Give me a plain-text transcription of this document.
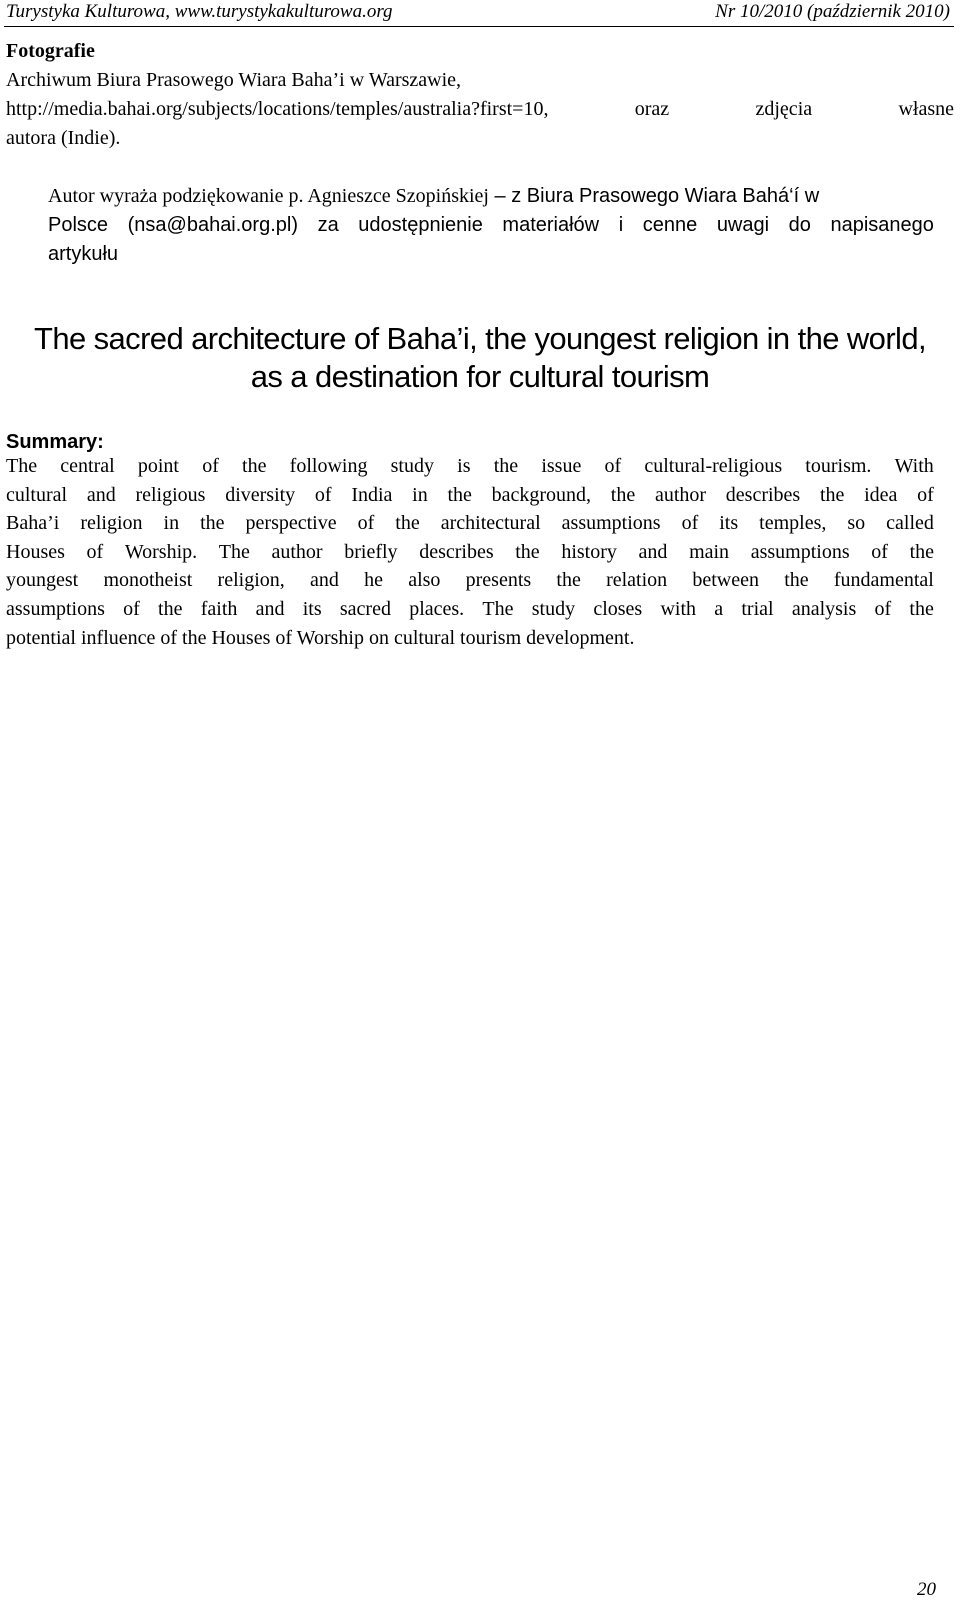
Turystyka Kulturowa, www.turystykakulturowa.org	Nr 10/2010 (październik 2010)
Fotografie
Archiwum Biura Prasowego Wiara Baha’i w Warszawie,
http://media.bahai.org/subjects/locations/temples/australia?first=10,	oraz	zdjęcia	własne
autora (Indie).
Autor wyraża podziękowanie p. Agnieszce Szopińskiej – z Biura Prasowego Wiara Bahá‘í w
Polsce (nsa@bahai.org.pl) za udostępnienie materiałów i cenne uwagi do napisanego
artykułu
The sacred architecture of Baha’i, the youngest religion in the world,
as a destination for cultural tourism
Summary:
The central point of the following study is the issue of cultural-religious tourism. With
cultural and religious diversity of India in the background, the author describes the idea of
Baha’i religion in the perspective of the architectural assumptions of its temples, so called
Houses of Worship. The author briefly describes the history and main assumptions of the
youngest monotheist religion, and he also presents the relation between the fundamental
assumptions of the faith and its sacred places. The study closes with a trial analysis of the
potential influence of the Houses of Worship on cultural tourism development.
20
